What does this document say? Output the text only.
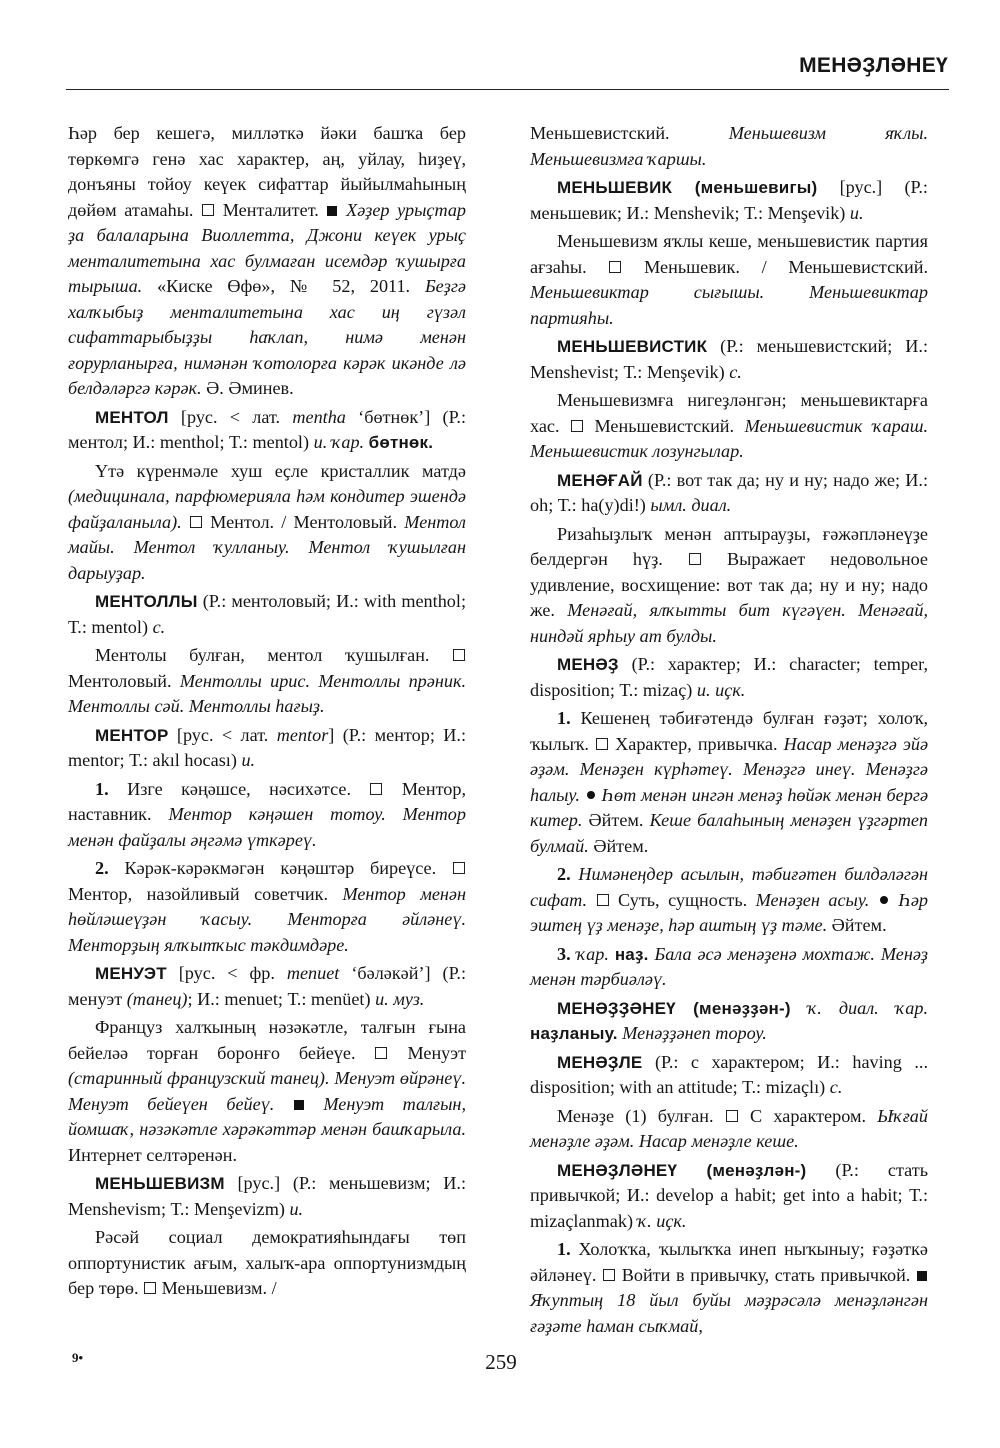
МЕНӘҘЛӘНЕҮ

Һәр бер кешегә, милләткә йәки башҡа бер төркөмгә генә хас характер, аң, уйлау, һиҙеү, донъяны тойоу кеүек сифаттар йыйылмаһының дөйөм атамаһы. Менталитет. Хәҙер урыҫтар ҙа балаларына Виоллетта, Джони кеүек урыҫ менталитетына хас булмаған исемдәр ҡушырға тырыша. «Киске Өфө», № 52, 2011. Беҙгә халҡыбыҙ менталитетына хас иң гүзәл сифаттарыбыҙҙы һаҡлап, нимә менән ғорурланырға, нимәнән ҡотолорға кәрәк икәнде лә белдәләргә кәрәк. Ә. Әминев.

МЕНТОЛ [рус. < лат. mentha ‘бөтнөк’] (Р.: ментол; И.: menthol; Т.: mentol) и. ҡар. бөтнөк.

Үтә күренмәле хуш еҫле кристаллик матдә (медицинала, парфюмерияла һәм кондитер эшендә файҙаланыла). Ментол. / Ментоловый. Ментол майы. Ментол ҡулланыу. Ментол ҡушылған дарыуҙар.

МЕНТОЛЛЫ (Р.: ментоловый; И.: with menthol; Т.: mentol) с.

Ментолы булған, ментол ҡушылған.  Ментоловый. Ментоллы ирис. Ментоллы прәник. Ментоллы сәй. Ментоллы һағыҙ.

МЕНТОР [рус. < лат. mentor] (Р.: ментор; И.: mentor; Т.: akıl hocası) и.

1. Изге кәңәшсе, нәсихәтсе.	Ментор, наставник. Ментор кәңәшен тотоу. Ментор менән файҙалы әңгәмә үткәреү.

2. Кәрәк-кәрәкмәгән кәңәштәр биреүсе.  Ментор, назойливый советчик. Ментор менән һөйләшеүҙән ҡасыу. Менторға әйләнеү. Менторҙың ялҡытҡыс тәкдимдәре.

МЕНУЭТ [рус. < фр. menuet ‘бәләкәй’] (Р.: менуэт (танец); И.: menuet; Т.: menüet) и. муз.

Француз халҡының нәзәкәтле, талғын ғына бейеләә торған боронғо бейеүе.	Менуэт (старинный французский танец). Менуэт өйрәнеү. Менуэт бейеүен бейеү.	Менуэт талғын, йомшаҡ, нәзәкәтле хәрәкәттәр менән башҡарыла. Интернет селтәренән.

МЕНЬШЕВИЗМ [рус.] (Р.: меньшевизм; И.: Menshevism; Т.: Menşevizm) и.

Рәсәй социал демократияһындағы төп оппортунистик ағым, халыҡ-ара оппортунизмдың бер төрө. Меньшевизм. /

Меньшевистский.	Меньшевизм яҡлы. Меньшевизмға ҡаршы.

МЕНЬШЕВИК (меньшевигы) [рус.] (Р.: меньшевик; И.: Menshevik; Т.: Menşevik) и.

Меньшевизм яҡлы кеше, меньшевистик партия ағзаһы.	Меньшевик. / Меньшевистский. Меньшевиктар сығышы. Меньшевиктар партияһы.

МЕНЬШЕВИСТИК (Р.: меньшевистский; И.: Menshevist; Т.: Menşevik) с.

Меньшевизмға нигеҙләнгән; меньшевиктарға хас. Меньшевистский. Меньшевистик ҡараш. Меньшевистик лозунгылар.

МЕНӘҒАЙ (Р.: вот так да; ну и ну; надо же; И.: oh; Т.: ha(y)di!) ымл. диал.

Ризаһыҙлыҡ менән аптырауҙы, ғәжәпләнеүҙе белдергән һүҙ.	Выражает недовольное удивление, восхищение: вот так да; ну и ну; надо же. Менәғай, ялҡытты бит күгәүен. Менәғай, ниндәй ярһыу ат булды.

МЕНӘҘ (Р.: характер; И.: character; temper, disposition; Т.: mizaç) и. иҫк.

1. Кешенең тәбиғәтендә булған ғәҙәт; холоҡ, ҡылыҡ. Характер, привычка. Насар менәҙгә эйә әҙәм. Менәҙен күрһәтеү. Менәҙгә инеү. Менәҙгә һалыу. Һөт менән ингән менәҙ һөйәк менән бергә китер. Әйтем. Кеше балаһының менәҙен үҙгәртеп булмай. Әйтем.

2. Нимәнеңдер асылын, тәбиғәтен билдәләгән сифат. Суть, сущность. Менәҙен асыу. Һәр эштең үҙ менәҙе, һәр аштың үҙ тәме. Әйтем.

3. ҡар. наҙ. Бала әсә менәҙенә мохтаж. Менәҙ менән тәрбиәләү.

МЕНӘҘҘӘНЕҮ (менәҙҙән-) ҡ. диал. ҡар. наҙланыу. Менәҙҙәнеп тороу.

МЕНӘҘЛЕ (Р.: с характером; И.: having ... disposition; with an attitude; Т.: mizaçlı) с.

Менәҙе (1) булған. С характером. Ыҡғай менәҙле әҙәм. Насар менәҙле кеше.

МЕНӘҘЛӘНЕҮ (менәҙлән-) (Р.: стать привычкой; И.: develop a habit; get into a habit; Т.: mizaçlanmak) ҡ. иҫк.

1. Холоҡҡа, ҡылыҡҡа инеп ныҡыныу; ғәҙәткә әйләнеү. Войти в привычку, стать привычкой.  Яҡуптың 18 йыл буйы мәҙрәсәлә менәҙләнгән ғәҙәте һаман сыҡмай,

9•	259
